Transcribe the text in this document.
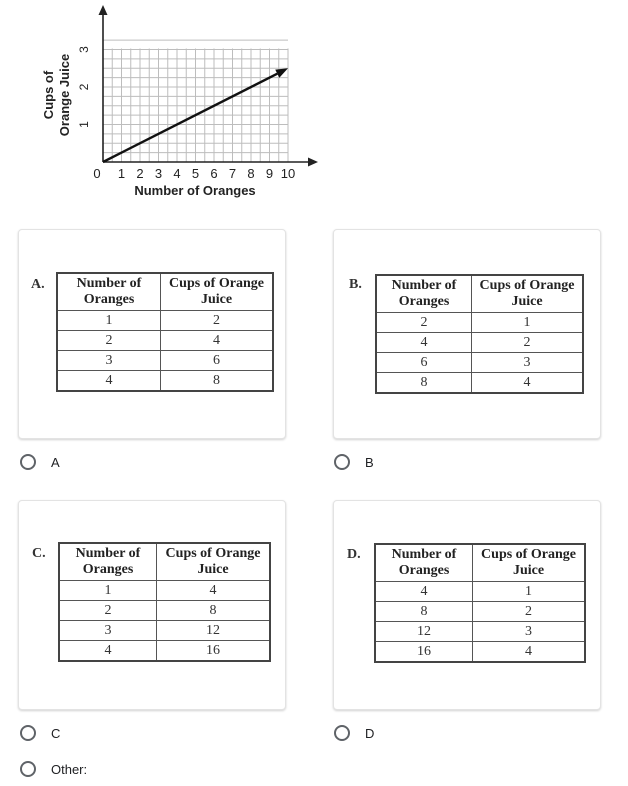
1 2 3 4 5 6 7 8 9 10
1
2
3
Cups of Orange Juice
0
Number of Oranges
A. Number of Oranges	Cups of Orange Juice
1	2
2	4
3	6
4	8
B. Number of Oranges	Cups of Orange Juice
2	1
4	2
6	3
8	4
A	B
C. Number of Oranges	Cups of Orange Juice
1	4
2	8
3	12
4	16
D. Number of Oranges	Cups of Orange Juice
4	1
8	2
12	3
16	4
C	D
Other:
